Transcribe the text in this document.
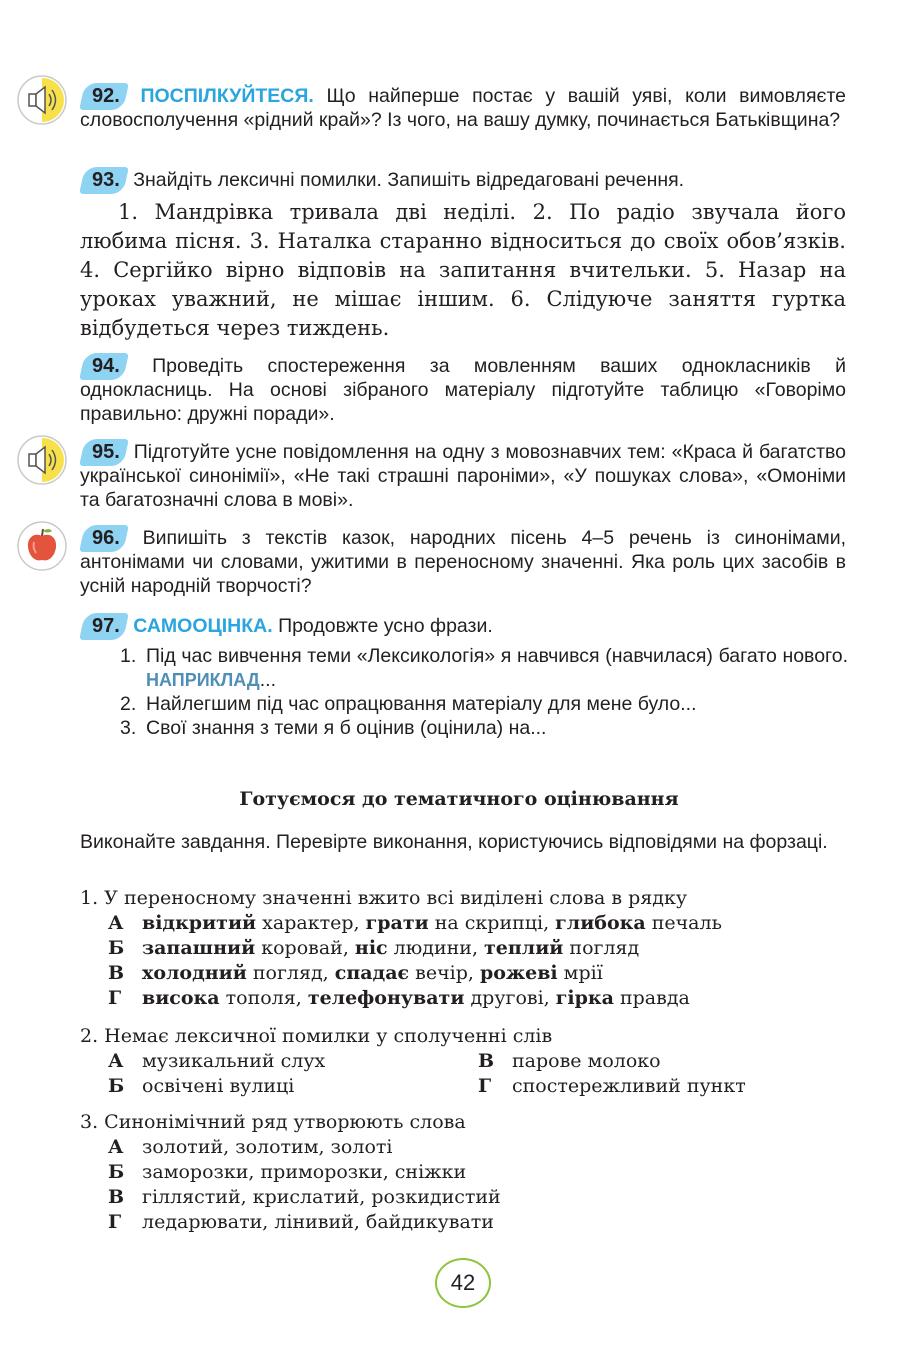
92. ПОСПІЛКУЙТЕСЯ. Що найперше постає у вашій уяві, коли вимовляєте словосполучення «рідний край»? Із чого, на вашу думку, починається Батьківщина?
93. Знайдіть лексичні помилки. Запишіть відредаговані речення.

1. Мандрівка тривала дві неділі. 2. По радіо звучала його любима пісня. 3. Наталка старанно відноситься до своїх обов’язків. 4. Сергійко вірно відповів на запитання вчительки. 5. Назар на уроках уважний, не мішає іншим. 6. Слідуюче заняття гуртка відбудеться через тиждень.

94. Проведіть спостереження за мовленням ваших однокласників й однокласниць. На основі зібраного матеріалу підготуйте таблицю «Говорімо правильно: дружні поради».
95. Підготуйте усне повідомлення на одну з мовознавчих тем: «Краса й багатство української синонімії», «Не такі страшні пароніми», «У пошуках слова», «Омоніми та багатозначні слова в мові».
96. Випишіть з текстів казок, народних пісень 4–5 речень із синонімами, антонімами чи словами, ужитими в переносному значенні. Яка роль цих засобів в усній народній творчості?
97. САМООЦІНКА. Продовжте усно фрази.
1. Під час вивчення теми «Лексикологія» я навчився (навчилася) багато нового. НАПРИКЛАД...
2. Найлегшим під час опрацювання матеріалу для мене було...
3. Свої знання з теми я б оцінив (оцінила) на...
Готуємося до тематичного оцінювання
Виконайте завдання. Перевірте виконання, користуючись відповідями на форзаці.
1. У переносному значенні вжито всі виділені слова в рядку
А відкритий характер, грати на скрипці, глибока печаль
Б запашний коровай, ніс людини, теплий погляд
В холодний погляд, спадає вечір, рожеві мрії
Г	висока тополя, телефонувати другові, гірка правда
2. Немає лексичної помилки у сполученні слів
А музикальний слух	В парове молоко
Б освічені вулиці	Г	спостережливий пункт
3. Синонімічний ряд утворюють слова
А золотий, золотим, золоті
Б заморозки, приморозки, сніжки
В гіллястий, крислатий, розкидистий
Г	ледарювати, лінивий, байдикувати
42
